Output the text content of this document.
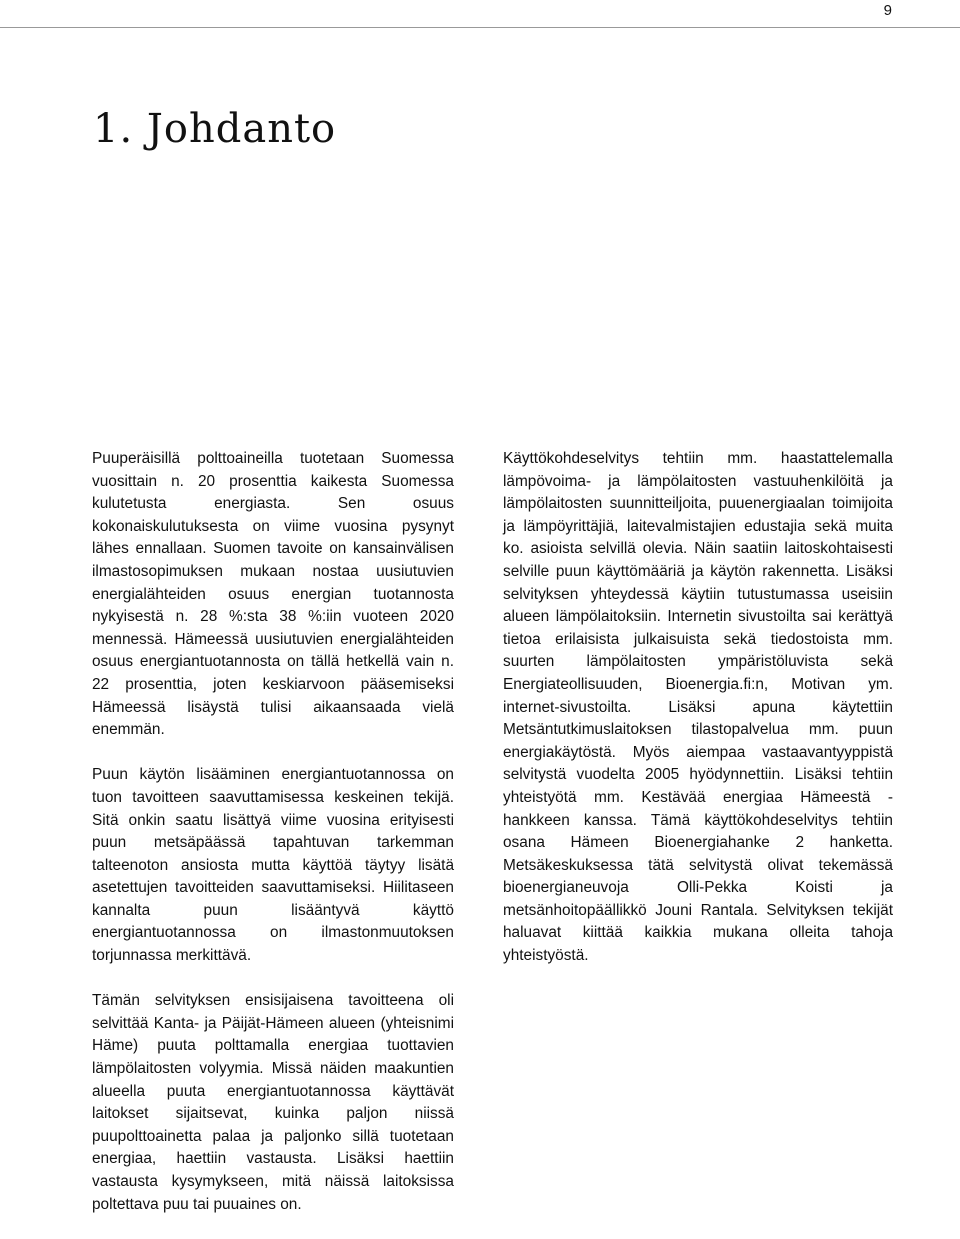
9
1. Johdanto

Puuperäisillä polttoaineilla tuotetaan Suomessa vuosittain n. 20 prosenttia kaikesta Suomessa kulutetusta energiasta. Sen osuus kokonaiskulutuksesta on viime vuosina pysynyt lähes ennallaan. Suomen tavoite on kansainvälisen ilmastosopimuksen mukaan nostaa uusiutuvien energialähteiden osuus energian tuotannosta nykyisestä n. 28 %:sta 38 %:iin vuoteen 2020 mennessä. Hämeessä uusiutuvien energialähteiden osuus energiantuotannosta on tällä hetkellä vain n. 22 prosenttia, joten keskiarvoon pääsemiseksi Hämeessä lisäystä tulisi aikaansaada vielä enemmän.

Puun käytön lisääminen energiantuotannossa on tuon tavoitteen saavuttamisessa keskeinen tekijä. Sitä onkin saatu lisättyä viime vuosina erityisesti puun metsäpäässä tapahtuvan tarkemman talteenoton ansiosta mutta käyttöä täytyy lisätä asetettujen tavoitteiden saavuttamiseksi. Hiilitaseen kannalta puun lisääntyvä käyttö energiantuotannossa on ilmastonmuutoksen torjunnassa merkittävä.

Tämän selvityksen ensisijaisena tavoitteena oli selvittää Kanta- ja Päijät-Hämeen alueen (yhteisnimi Häme) puuta polttamalla energiaa tuottavien lämpölaitosten volyymia. Missä näiden maakuntien alueella puuta energiantuotannossa käyttävät laitokset sijaitsevat, kuinka paljon niissä puupolttoainetta palaa ja paljonko sillä tuotetaan energiaa, haettiin vastausta. Lisäksi haettiin vastausta kysymykseen, mitä näissä laitoksissa poltettava puu tai puuaines on.

Käyttökohdeselvitys tehtiin mm. haastattelemalla lämpövoima- ja lämpölaitosten vastuuhenkilöitä ja lämpölaitosten suunnitteiljoita, puuenergiaalan toimijoita ja lämpöyrittäjiä, laitevalmistajien edustajia sekä muita ko. asioista selvillä olevia. Näin saatiin laitoskohtaisesti selville puun käyttömääriä ja käytön rakennetta. Lisäksi selvityksen yhteydessä käytiin tutustumassa useisiin alueen lämpölaitoksiin. Internetin sivustoilta sai kerättyä tietoa erilaisista julkaisuista sekä tiedostoista mm. suurten lämpölaitosten ympäristöluvista sekä Energiateollisuuden, Bioenergia.fi:n, Motivan ym. internet-sivustoilta. Lisäksi apuna käytettiin Metsäntutkimuslaitoksen tilastopalvelua mm. puun energiakäytöstä. Myös aiempaa vastaavantyyppistä selvitystä vuodelta 2005 hyödynnettiin. Lisäksi tehtiin yhteistyötä mm. Kestävää energiaa Hämeestä -hankkeen kanssa. Tämä käyttökohdeselvitys tehtiin osana Hämeen Bioenergiahanke 2 hanketta. Metsäkeskuksessa tätä selvitystä olivat tekemässä bioenergianeuvoja Olli-Pekka Koisti ja metsänhoitopäällikkö Jouni Rantala. Selvityksen tekijät haluavat kiittää kaikkia mukana olleita tahoja yhteistyöstä.
